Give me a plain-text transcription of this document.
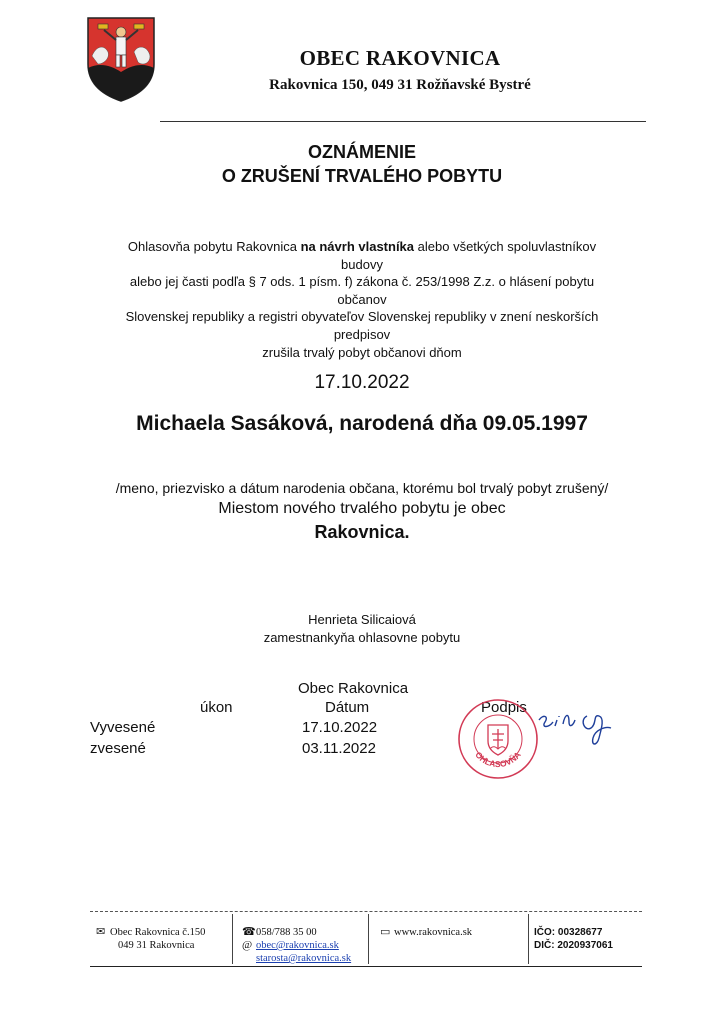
OBEC RAKOVNICA
Rakovnica 150, 049 31 Rožňavské Bystré
OZNÁMENIE
O ZRUŠENÍ TRVALÉHO POBYTU
Ohlasovňa pobytu Rakovnica na návrh vlastníka alebo všetkých spoluvlastníkov
budovy
alebo jej časti podľa § 7 ods. 1 písm. f) zákona č. 253/1998 Z.z. o hlásení pobytu
občanov
Slovenskej republiky a registri obyvateľov Slovenskej republiky v znení neskorších
predpisov
zrušila trvalý pobyt občanovi dňom
17.10.2022
Michaela Sasáková, narodená dňa 09.05.1997
/meno, priezvisko a dátum narodenia občana, ktorému bol trvalý pobyt zrušený/
Miestom nového trvalého pobytu je obec
Rakovnica.
Henrieta Silicaiová
zamestnankyňa ohlasovne pobytu
Obec Rakovnica
úkon	Dátum	Podpis
Vyvesené	17.10.2022
zvesené	03.11.2022	OHLASOVŇA
✉ Obec Rakovnica č.150
049 31 Rakovnica
☎058/788 35 00
@ obec@rakovnica.sk
starosta@rakovnica.sk
▭ www.rakovnica.sk	IČO: 00328677
DIČ: 2020937061
